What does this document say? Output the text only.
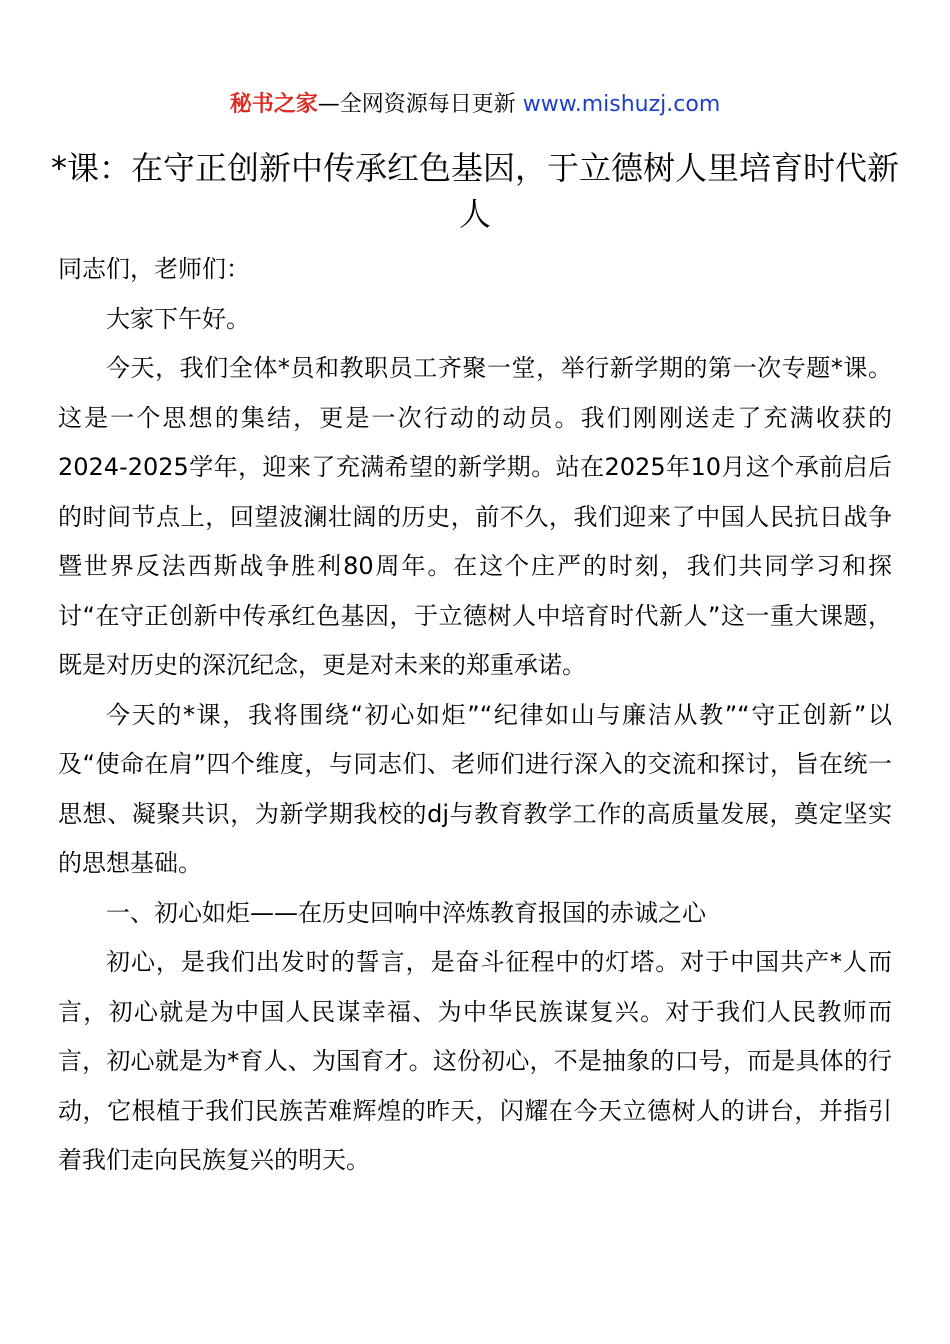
秘书之家—全网资源每日更新 www.mishuzj.com
*课：在守正创新中传承红色基因，于立德树人里培育时代新人

同志们，老师们：

大家下午好。

今天，我们全体*员和教职员工齐聚一堂，举行新学期的第一次专题*课。这是一个思想的集结，更是一次行动的动员。我们刚刚送走了充满收获的2024-2025学年，迎来了充满希望的新学期。站在2025年10月这个承前启后的时间节点上，回望波澜壮阔的历史，前不久，我们迎来了中国人民抗日战争暨世界反法西斯战争胜利80周年。在这个庄严的时刻，我们共同学习和探讨“在守正创新中传承红色基因，于立德树人中培育时代新人”这一重大课题，既是对历史的深沉纪念，更是对未来的郑重承诺。

今天的*课，我将围绕“初心如炬”“纪律如山与廉洁从教”“守正创新”以及“使命在肩”四个维度，与同志们、老师们进行深入的交流和探讨，旨在统一思想、凝聚共识，为新学期我校的dj与教育教学工作的高质量发展，奠定坚实的思想基础。

一、初心如炬——在历史回响中淬炼教育报国的赤诚之心

初心，是我们出发时的誓言，是奋斗征程中的灯塔。对于中国共产*人而言，初心就是为中国人民谋幸福、为中华民族谋复兴。对于我们人民教师而言，初心就是为*育人、为国育才。这份初心，不是抽象的口号，而是具体的行动，它根植于我们民族苦难辉煌的昨天，闪耀在今天立德树人的讲台，并指引着我们走向民族复兴的明天。
